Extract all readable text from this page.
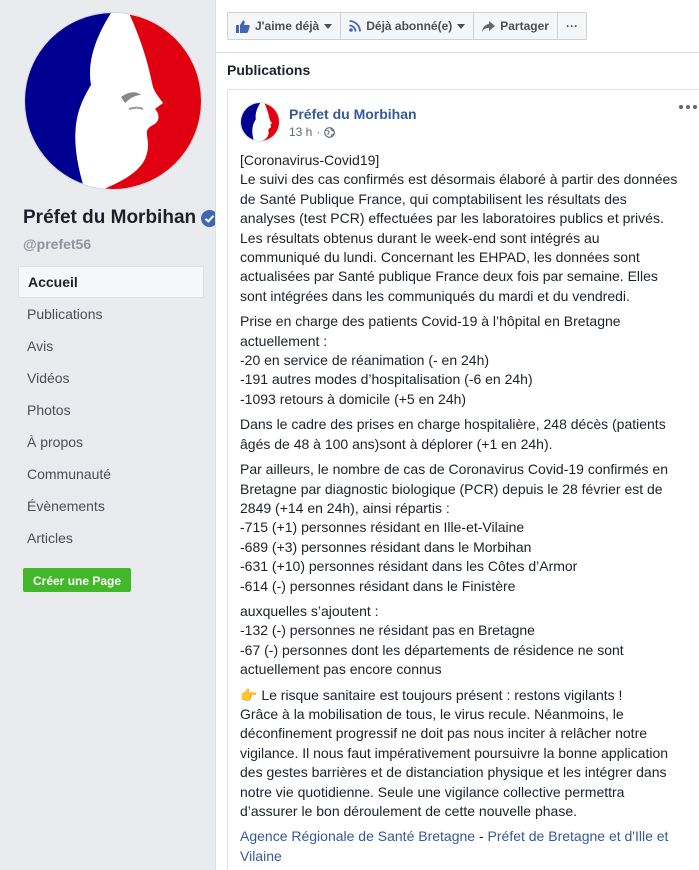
Préfet du Morbihan
@prefet56
Accueil
Publications
Avis
Vidéos
Photos
À propos
Communauté
Évènements
Articles
Créer une Page
J'aime déjà	Déjà abonné(e)	Partager ···
Publications
Préfet du Morbihan
13 h ·
[Coronavirus-Covid19]
Le suivi des cas confirmés est désormais élaboré à partir des données
de Santé Publique France, qui comptabilisent les résultats des
analyses (test PCR) effectuées par les laboratoires publics et privés.
Les résultats obtenus durant le week-end sont intégrés au
communiqué du lundi. Concernant les EHPAD, les données sont
actualisées par Santé publique France deux fois par semaine. Elles
sont intégrées dans les communiqués du mardi et du vendredi.
Prise en charge des patients Covid-19 à l’hôpital en Bretagne
actuellement :
-20 en service de réanimation (- en 24h)
-191 autres modes d’hospitalisation (-6 en 24h)
-1093 retours à domicile (+5 en 24h)
Dans le cadre des prises en charge hospitalière, 248 décès (patients
âgés de 48 à 100 ans)sont à déplorer (+1 en 24h).
Par ailleurs, le nombre de cas de Coronavirus Covid-19 confirmés en
Bretagne par diagnostic biologique (PCR) depuis le 28 février est de
2849 (+14 en 24h), ainsi répartis :
-715 (+1) personnes résidant en Ille-et-Vilaine
-689 (+3) personnes résidant dans le Morbihan
-631 (+10) personnes résidant dans les Côtes d’Armor
-614 (-) personnes résidant dans le Finistère
auxquelles s’ajoutent :
-132 (-) personnes ne résidant pas en Bretagne
-67 (-) personnes dont les départements de résidence ne sont
actuellement pas encore connus
👉 Le risque sanitaire est toujours présent : restons vigilants !
Grâce à la mobilisation de tous, le virus recule. Néanmoins, le
déconfinement progressif ne doit pas nous inciter à relâcher notre
vigilance. Il nous faut impérativement poursuivre la bonne application
des gestes barrières et de distanciation physique et les intégrer dans
notre vie quotidienne. Seule une vigilance collective permettra
d’assurer le bon déroulement de cette nouvelle phase.
Agence Régionale de Santé Bretagne - Préfet de Bretagne et d'Ille et
Vilaine
